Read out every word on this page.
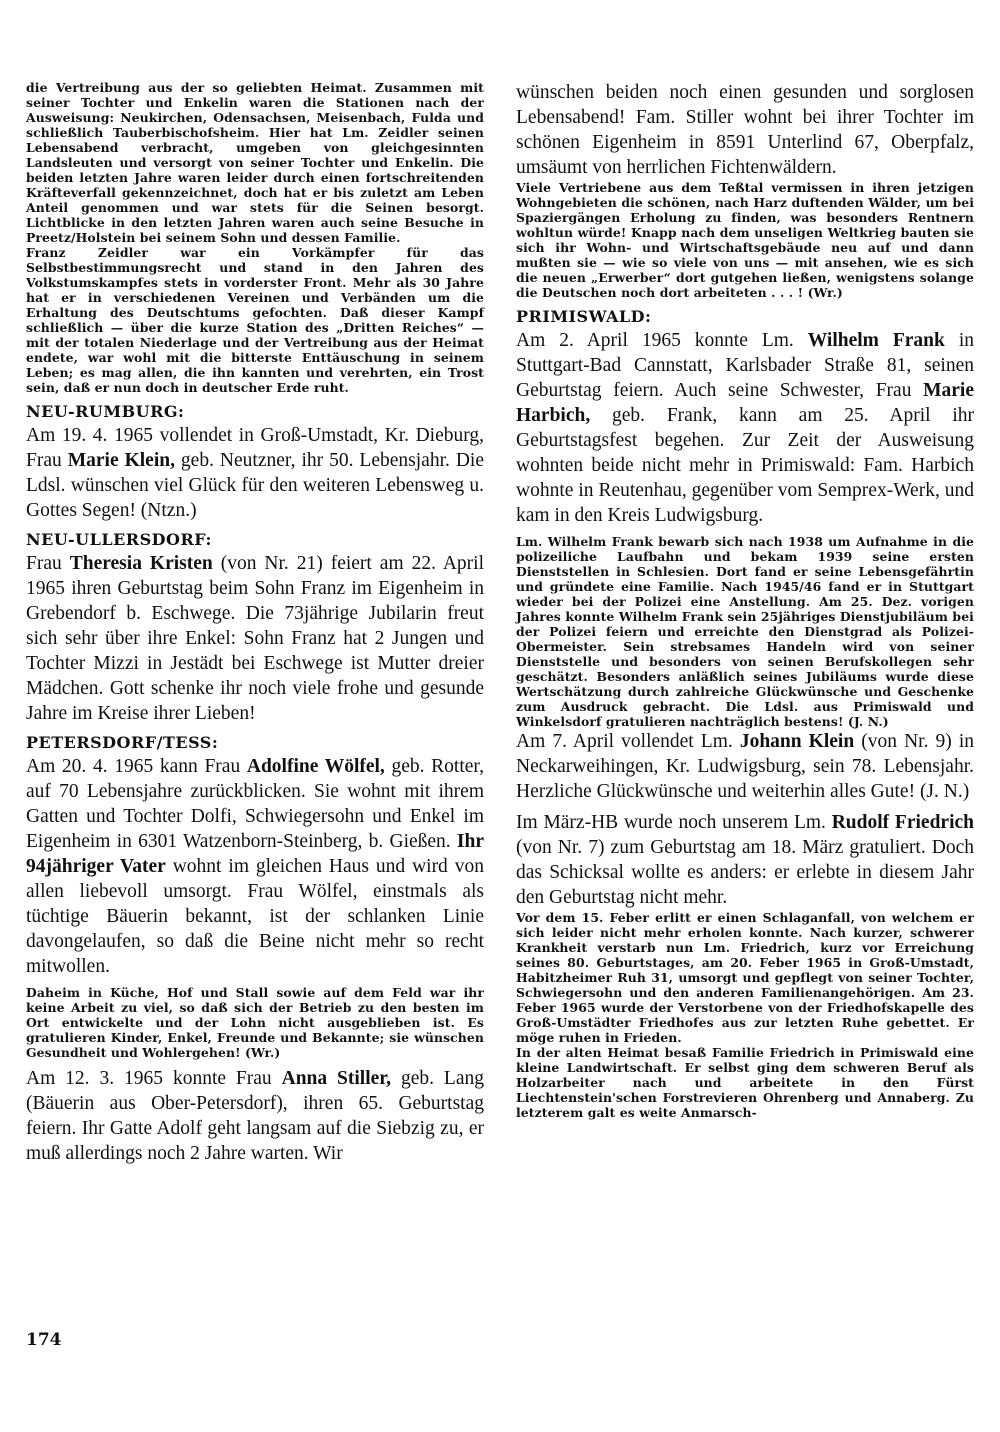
die Vertreibung aus der so geliebten Heimat. Zusammen mit seiner Tochter und Enkelin waren die Stationen nach der Ausweisung: Neukirchen, Odensachsen, Meisenbach, Fulda und schließlich Tauberbischofsheim. Hier hat Lm. Zeidler seinen Lebensabend verbracht, umgeben von gleichgesinnten Landsleuten und versorgt von seiner Tochter und Enkelin. Die beiden letzten Jahre waren leider durch einen fortschreitenden Kräfteverfall gekennzeichnet, doch hat er bis zuletzt am Leben Anteil genommen und war stets für die Seinen besorgt. Lichtblicke in den letzten Jahren waren auch seine Besuche in Preetz/Holstein bei seinem Sohn und dessen Familie.

Franz Zeidler war ein Vorkämpfer für das Selbstbestimmungsrecht und stand in den Jahren des Volkstumskampfes stets in vorderster Front. Mehr als 30 Jahre hat er in verschiedenen Vereinen und Verbänden um die Erhaltung des Deutschtums gefochten. Daß dieser Kampf schließlich — über die kurze Station des „Dritten Reiches“ — mit der totalen Niederlage und der Vertreibung aus der Heimat endete, war wohl mit die bitterste Enttäuschung in seinem Leben; es mag allen, die ihn kannten und verehrten, ein Trost sein, daß er nun doch in deutscher Erde ruht.

NEU-RUMBURG:

Am 19. 4. 1965 vollendet in Groß-Umstadt, Kr. Dieburg, Frau Marie Klein, geb. Neutzner, ihr 50. Lebensjahr. Die Ldsl. wünschen viel Glück für den weiteren Lebensweg u. Gottes Segen! (Ntzn.)

NEU-ULLERSDORF:

Frau Theresia Kristen (von Nr. 21) feiert am 22. April 1965 ihren Geburtstag beim Sohn Franz im Eigenheim in Grebendorf b. Eschwege. Die 73jährige Jubilarin freut sich sehr über ihre Enkel: Sohn Franz hat 2 Jungen und Tochter Mizzi in Jestädt bei Eschwege ist Mutter dreier Mädchen. Gott schenke ihr noch viele frohe und gesunde Jahre im Kreise ihrer Lieben!

PETERSDORF/TESS:

Am 20. 4. 1965 kann Frau Adolfine Wölfel, geb. Rotter, auf 70 Lebensjahre zurückblicken. Sie wohnt mit ihrem Gatten und Tochter Dolfi, Schwiegersohn und Enkel im Eigenheim in 6301 Watzenborn-Steinberg, b. Gießen. Ihr 94jähriger Vater wohnt im gleichen Haus und wird von allen liebevoll umsorgt. Frau Wölfel, einstmals als tüchtige Bäuerin bekannt, ist der schlanken Linie davongelaufen, so daß die Beine nicht mehr so recht mitwollen.

Daheim in Küche, Hof und Stall sowie auf dem Feld war ihr keine Arbeit zu viel, so daß sich der Betrieb zu den besten im Ort entwickelte und der Lohn nicht ausgeblieben ist. Es gratulieren Kinder, Enkel, Freunde und Bekannte; sie wünschen Gesundheit und Wohlergehen! (Wr.)

Am 12. 3. 1965 konnte Frau Anna Stiller, geb. Lang (Bäuerin aus Ober-Petersdorf), ihren 65. Geburtstag feiern. Ihr Gatte Adolf geht langsam auf die Siebzig zu, er muß allerdings noch 2 Jahre warten. Wir

wünschen beiden noch einen gesunden und sorglosen Lebensabend! Fam. Stiller wohnt bei ihrer Tochter im schönen Eigenheim in 8591 Unterlind 67, Oberpfalz, umsäumt von herrlichen Fichtenwäldern.

Viele Vertriebene aus dem Teßtal vermissen in ihren jetzigen Wohngebieten die schönen, nach Harz duftenden Wälder, um bei Spaziergängen Erholung zu finden, was besonders Rentnern wohltun würde! Knapp nach dem unseligen Weltkrieg bauten sie sich ihr Wohn- und Wirtschaftsgebäude neu auf und dann mußten sie — wie so viele von uns — mit ansehen, wie es sich die neuen „Erwerber“ dort gutgehen ließen, wenigstens solange die Deutschen noch dort arbeiteten . . . ! (Wr.)

PRIMISWALD:

Am 2. April 1965 konnte Lm. Wilhelm Frank in Stuttgart-Bad Cannstatt, Karlsbader Straße 81, seinen Geburtstag feiern. Auch seine Schwester, Frau Marie Harbich, geb. Frank, kann am 25. April ihr Geburtstagsfest begehen. Zur Zeit der Ausweisung wohnten beide nicht mehr in Primiswald: Fam. Harbich wohnte in Reutenhau, gegenüber vom Semprex-Werk, und kam in den Kreis Ludwigsburg.

Lm. Wilhelm Frank bewarb sich nach 1938 um Aufnahme in die polizeiliche Laufbahn und bekam 1939 seine ersten Dienststellen in Schlesien. Dort fand er seine Lebensgefährtin und gründete eine Familie. Nach 1945/46 fand er in Stuttgart wieder bei der Polizei eine Anstellung. Am 25. Dez. vorigen Jahres konnte Wilhelm Frank sein 25jähriges Dienstjubiläum bei der Polizei feiern und erreichte den Dienstgrad als Polizei-Obermeister. Sein strebsames Handeln wird von seiner Dienststelle und besonders von seinen Berufskollegen sehr geschätzt. Besonders anläßlich seines Jubiläums wurde diese Wertschätzung durch zahlreiche Glückwünsche und Geschenke zum Ausdruck gebracht. Die Ldsl. aus Primiswald und Winkelsdorf gratulieren nachträglich bestens! (J. N.)

Am 7. April vollendet Lm. Johann Klein (von Nr. 9) in Neckarweihingen, Kr. Ludwigsburg, sein 78. Lebensjahr. Herzliche Glückwünsche und weiterhin alles Gute! (J. N.)

Im März-HB wurde noch unserem Lm. Rudolf Friedrich (von Nr. 7) zum Geburtstag am 18. März gratuliert. Doch das Schicksal wollte es anders: er erlebte in diesem Jahr den Geburtstag nicht mehr.

Vor dem 15. Feber erlitt er einen Schlaganfall, von welchem er sich leider nicht mehr erholen konnte. Nach kurzer, schwerer Krankheit verstarb nun Lm. Friedrich, kurz vor Erreichung seines 80. Geburtstages, am 20. Feber 1965 in Groß-Umstadt, Habitzheimer Ruh 31, umsorgt und gepflegt von seiner Tochter, Schwiegersohn und den anderen Familienangehörigen. Am 23. Feber 1965 wurde der Verstorbene von der Friedhofskapelle des Groß-Umstädter Friedhofes aus zur letzten Ruhe gebettet. Er möge ruhen in Frieden.

In der alten Heimat besaß Familie Friedrich in Primiswald eine kleine Landwirtschaft. Er selbst ging dem schweren Beruf als Holzarbeiter nach und arbeitete in den Fürst Liechtenstein'schen Forstrevieren Ohrenberg und Annaberg. Zu letzterem galt es weite Anmarsch-

174
